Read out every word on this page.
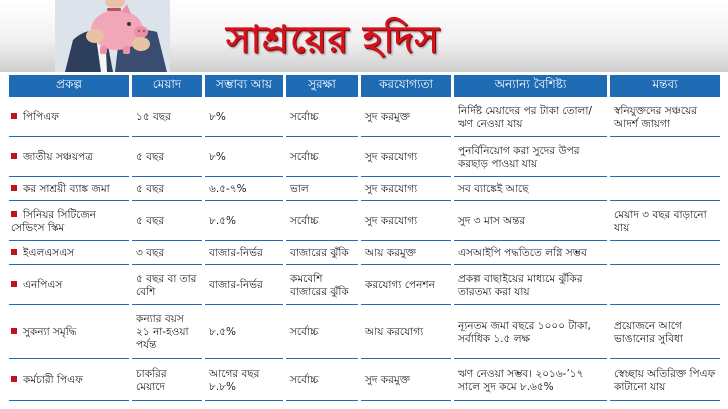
সাশ্রয়ের হদিস
প্রকল্প	মেয়াদ	সম্ভাব্য আয়	সুরক্ষা	করযোগ্যতা	অন্যান্য বৈশিষ্ট্য	মন্তব্য
পিপিএফ	১৫ বছর	৮%	সর্বোচ্চ	সুদ করমুক্ত	নির্দিষ্ট মেয়াদের পর টাকা তোলা/ঋণ নেওয়া যায়	স্বনিযুক্তদের সঞ্চয়ের আদর্শ জায়গা
জাতীয় সঞ্চয়পত্র	৫ বছর	৮%	সর্বোচ্চ	সুদ করযোগ্য	পুনর্বিনিয়োগ করা সুদের উপর করছাড় পাওয়া যায়	
কর সাশ্রয়ী ব্যাঙ্ক জমা	৫ বছর	৬.৫-৭%	ভাল	সুদ করযোগ্য	সব ব্যাঙ্কেই আছে	
সিনিয়র সিটিজেন সেভিংস স্কিম	৫ বছর	৮.৫%	সর্বোচ্চ	সুদ করযোগ্য	সুদ ৩ মাস অন্তর	মেয়াদ ৩ বছর বাড়ানো যায়
ইএলএসএস	৩ বছর	বাজার-নির্ভর	বাজারের ঝুঁকি	আয় করমুক্ত	এসআইপি পদ্ধতিতে লগ্নি সম্ভব	
এনপিএস	৫ বছর বা তার বেশি	বাজার-নির্ভর	কমবেশি বাজারের ঝুঁকি	করযোগ্য পেনশন	প্রকল্প বাছাইয়ের মাধ্যমে ঝুঁকির তারতম্য করা যায়	
সুকন্যা সমৃদ্ধি	কন্যার বয়স ২১ না-হওয়া পর্যন্ত	৮.৫%	সর্বোচ্চ	আয় করযোগ্য	ন্যূনতম জমা বছরে ১০০০ টাকা, সর্বাধিক ১.৫ লক্ষ	প্রয়োজনে আগে ভাঙানোর সুবিধা
কর্মচারী পিএফ	চাকরির মেয়াদে	আগের বছর ৮.৮%	সর্বোচ্চ	সুদ করমুক্ত	ঋণ নেওয়া সম্ভব। ২০১৬-’১৭ সালে সুদ কমে ৮.৬৫%	স্বেচ্ছায় অতিরিক্ত পিএফ কাটানো যায়
